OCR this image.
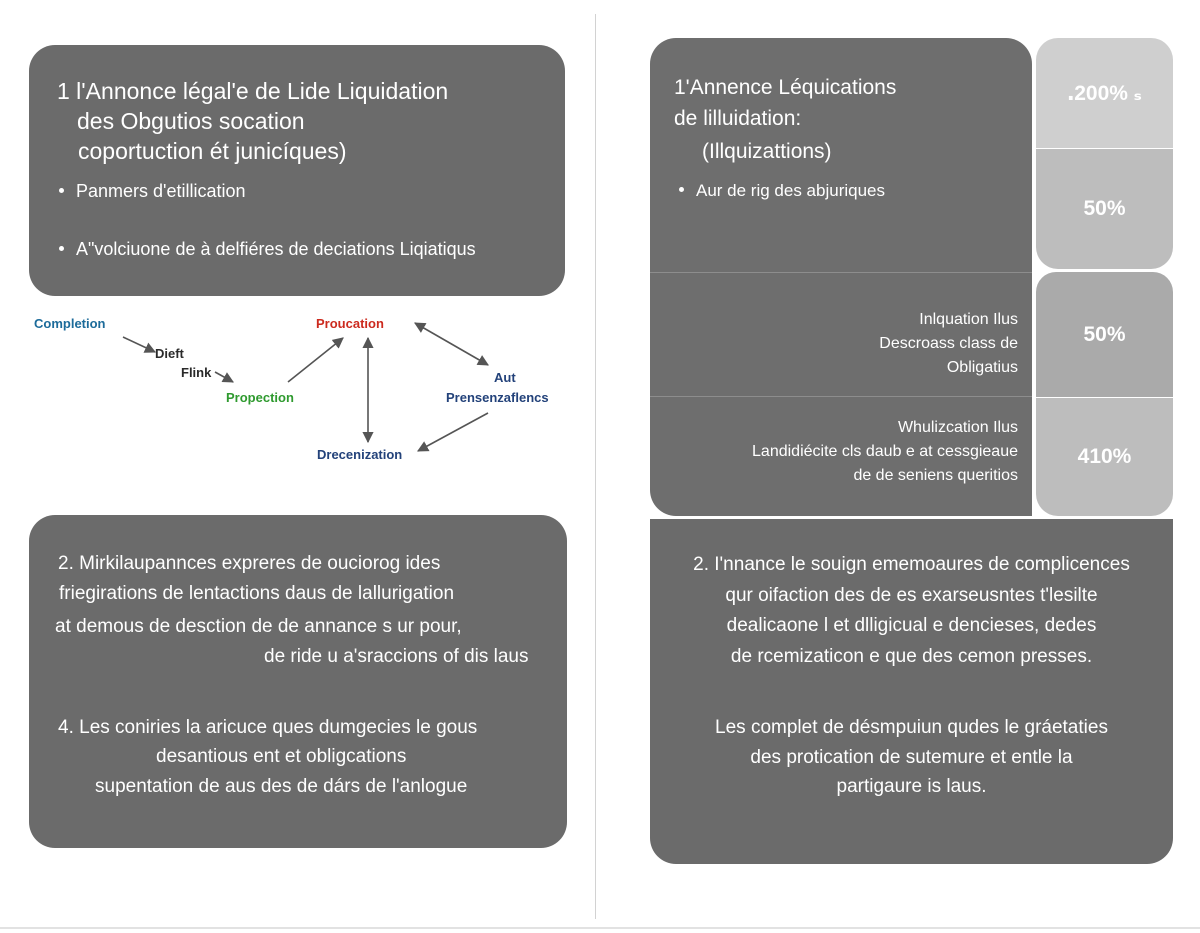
1 l'Annonce légal'e de Lide Liquidation
des Obgutios socation
coportuction ét junicíques)
Panmers d'etillication
A"volciuone de à delfiéres de deciations Liqiatiqus
Completion
Dieft
Flink
Propection
Proucation
Aut
Prensenzaflencs
Drecenization
2. Mirkilaupannces expreres de ouciorog ides
friegirations de lentactions daus de lallurigation
at demous de desction de de annance s ur pour,
de ride u a'sraccions of dis laus
4. Les coniries la aricuce ques dumgecies le gous
desantious ent et obligcations
supentation de aus des de dárs de l'anlogue
1'Annence Léquications
de lilluidation:
(Illquizattions)
Aur de rig des abjuriques
Inlquation Ilus
Descroass class de
Obligatius
Whulizcation Ilus
Landidiécite cls daub e at cessgieaue
de de seniens queritios
․200% ₛ
50%
50%
410%
2. I'nnance le souign ememoaures de complicences
qur oifaction des de es exarseusntes t'lesilte
dealicaone l et dlligicual e dencieses, dedes
de rcemizaticon e que des cemon presses.
Les complet de désmpuiun qudes le gráetaties
des protication de sutemure et entle la
partigaure is laus.
